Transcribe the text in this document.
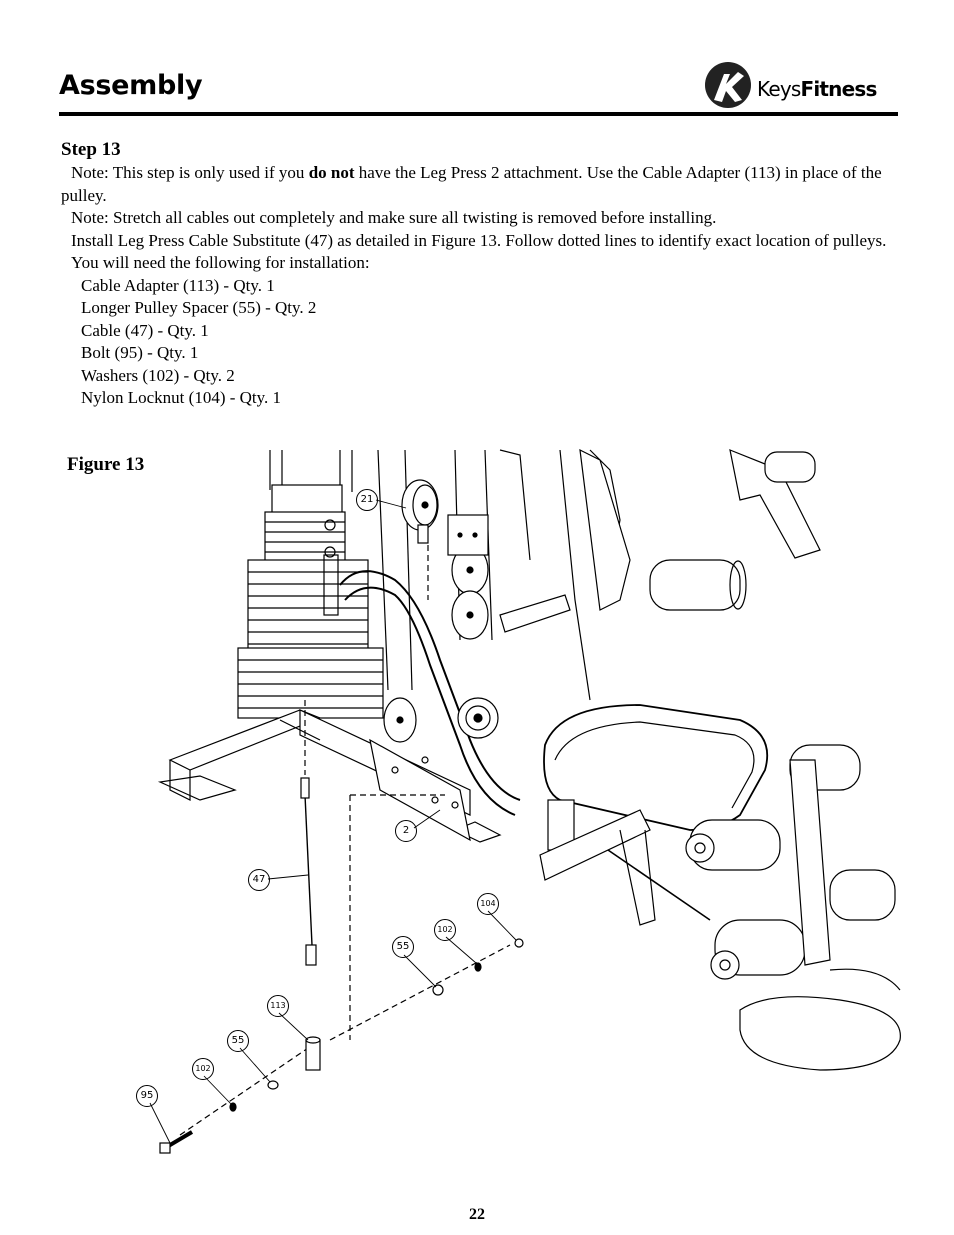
Assembly	KeysFitness
Step 13

Note: This step is only used if you do not have the Leg Press 2 attachment. Use the Cable Adapter (113) in place of the pulley.

Note: Stretch all cables out completely and make sure all twisting is removed before installing.

Install Leg Press Cable Substitute (47) as detailed in Figure 13. Follow dotted lines to identify exact location of pulleys.

You will need the following for installation:

Cable Adapter (113) - Qty. 1

Longer Pulley Spacer (55) - Qty. 2

Cable (47) - Qty. 1

Bolt (95) - Qty. 1

Washers (102) - Qty. 2

Nylon Locknut (104) - Qty. 1

Figure 13
21
2
47
104
102
55
113
55
102
95
22
